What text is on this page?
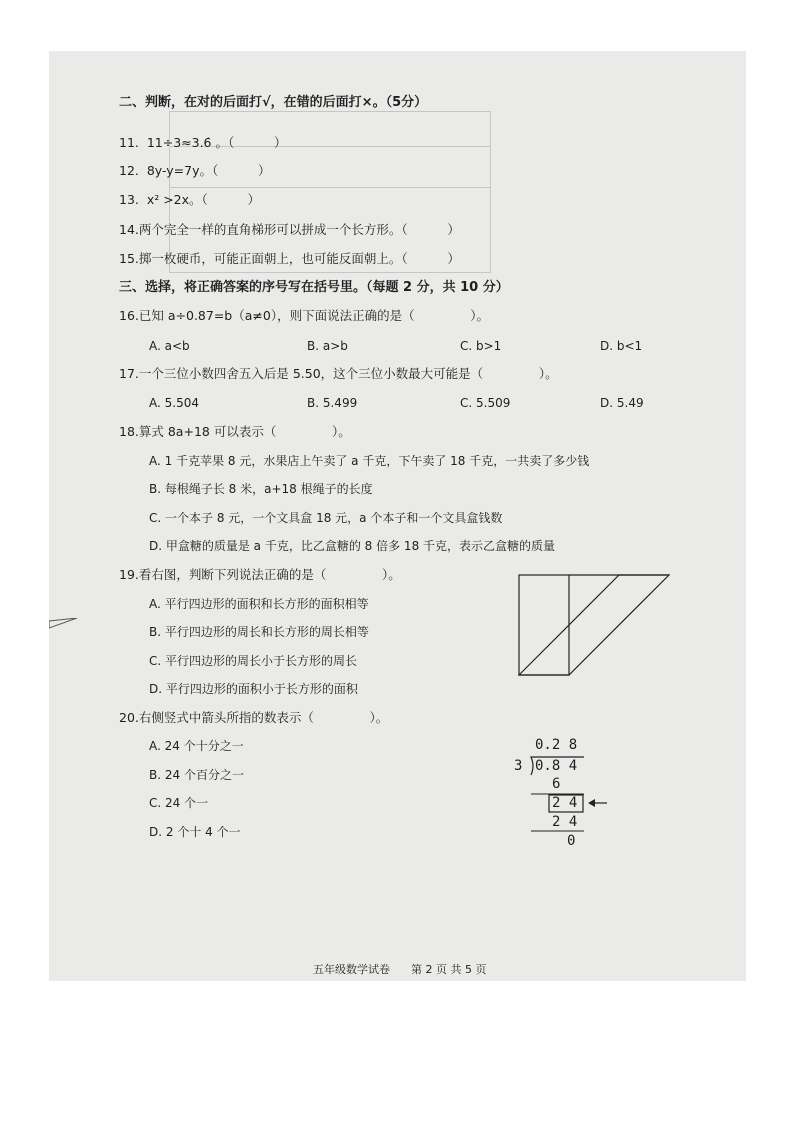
二、判断，在对的后面打√，在错的后面打×。（5分）
11.  11÷3≈3.6̇ 。（          ）
12.  8y-y=7y。（          ）
13.  x² >2x。（          ）
14.两个完全一样的直角梯形可以拼成一个长方形。（          ）
15.掷一枚硬币，可能正面朝上，也可能反面朝上。（          ）
三、选择，将正确答案的序号写在括号里。（每题 2 分，共 10 分）
16.已知 a÷0.87=b（a≠0），则下面说法正确的是（              ）。
A. a<b	B. a>b	C. b>1	D. b<1
17.一个三位小数四舍五入后是 5.50，这个三位小数最大可能是（              ）。
A. 5.504	B. 5.499	C. 5.509	D. 5.49
18.算式 8a+18 可以表示（              ）。
A. 1 千克苹果 8 元，水果店上午卖了 a 千克，下午卖了 18 千克，一共卖了多少钱
B. 每根绳子长 8 米，a+18 根绳子的长度
C. 一个本子 8 元，一个文具盒 18 元，a 个本子和一个文具盒钱数
D. 甲盒糖的质量是 a 千克，比乙盒糖的 8 倍多 18 千克，表示乙盒糖的质量
19.看右图，判断下列说法正确的是（              ）。
A. 平行四边形的面积和长方形的面积相等
B. 平行四边形的周长和长方形的周长相等
C. 平行四边形的周长小于长方形的周长
D. 平行四边形的面积小于长方形的面积
20.右侧竖式中箭头所指的数表示（              ）。
A. 24 个十分之一
B. 24 个百分之一
C. 24 个一
D. 2 个十 4 个一
0.2 8
3 0.8 4
6
2 4
2 4
0

五年级数学试卷 第 2 页 共 5 页
